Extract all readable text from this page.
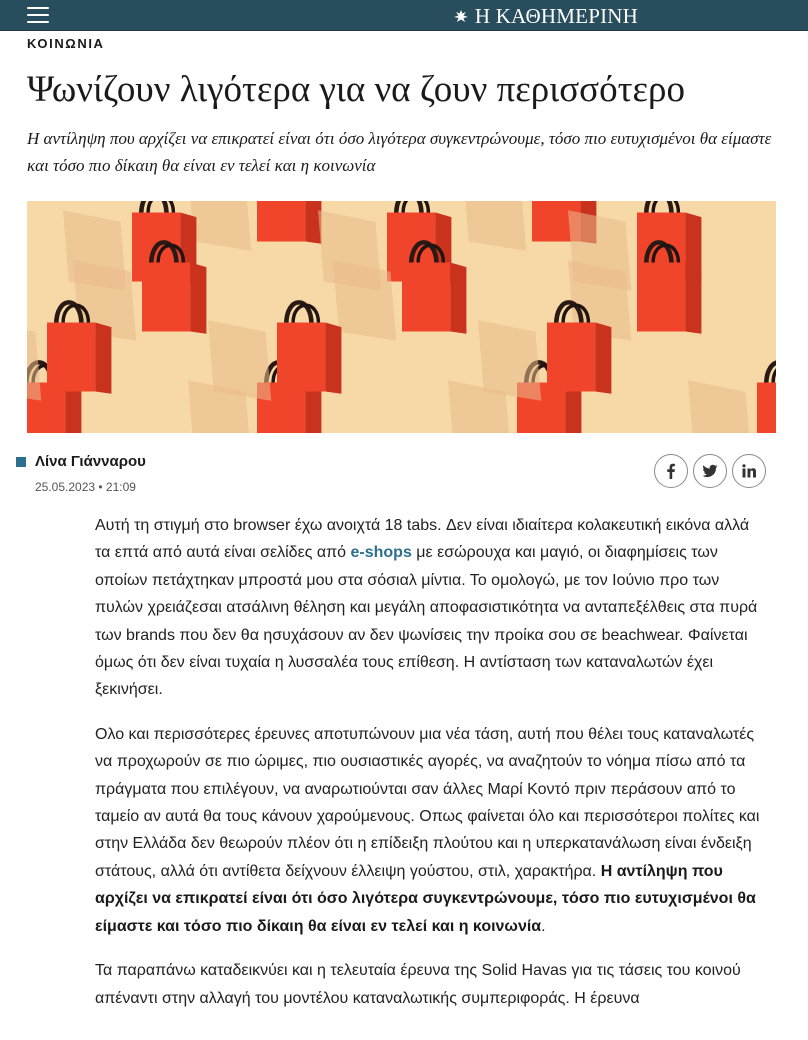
Η ΚΑΘΗΜΕΡΙΝΗ
ΚΟΙΝΩΝΙΑ
Ψωνίζουν λιγότερα για να ζουν περισσότερο

Η αντίληψη που αρχίζει να επικρατεί είναι ότι όσο λιγότερα συγκεντρώνουμε, τόσο πιο ευτυχισμένοι θα είμαστε και τόσο πιο δίκαιη θα είναι εν τελεί και η κοινωνία

Λίνα Γιάνναρου
25.05.2023 • 21:09

Αυτή τη στιγμή στο browser έχω ανοιχτά 18 tabs. Δεν είναι ιδιαίτερα κολακευτική εικόνα αλλά τα επτά από αυτά είναι σελίδες από e-shops με εσώρουχα και μαγιό, οι διαφημίσεις των οποίων πετάχτηκαν μπροστά μου στα σόσιαλ μίντια. Το ομολογώ, με τον Ιούνιο προ των πυλών χρειάζεσαι ατσάλινη θέληση και μεγάλη αποφασιστικότητα να ανταπεξέλθεις στα πυρά των brands που δεν θα ησυχάσουν αν δεν ψωνίσεις την προίκα σου σε beachwear. Φαίνεται όμως ότι δεν είναι τυχαία η λυσσαλέα τους επίθεση. Η αντίσταση των καταναλωτών έχει ξεκινήσει.

Ολο και περισσότερες έρευνες αποτυπώνουν μια νέα τάση, αυτή που θέλει τους καταναλωτές να προχωρούν σε πιο ώριμες, πιο ουσιαστικές αγορές, να αναζητούν το νόημα πίσω από τα πράγματα που επιλέγουν, να αναρωτιούνται σαν άλλες Μαρί Κοντό πριν περάσουν από το ταμείο αν αυτά θα τους κάνουν χαρούμενους. Οπως φαίνεται όλο και περισσότεροι πολίτες και στην Ελλάδα δεν θεωρούν πλέον ότι η επίδειξη πλούτου και η υπερκατανάλωση είναι ένδειξη στάτους, αλλά ότι αντίθετα δείχνουν έλλειψη γούστου, στιλ, χαρακτήρα. Η αντίληψη που αρχίζει να επικρατεί είναι ότι όσο λιγότερα συγκεντρώνουμε, τόσο πιο ευτυχισμένοι θα είμαστε και τόσο πιο δίκαιη θα είναι εν τελεί και η κοινωνία.

Τα παραπάνω καταδεικνύει και η τελευταία έρευνα της Solid Havas για τις τάσεις του κοινού απέναντι στην αλλαγή του μοντέλου καταναλωτικής συμπεριφοράς. Η έρευνα
